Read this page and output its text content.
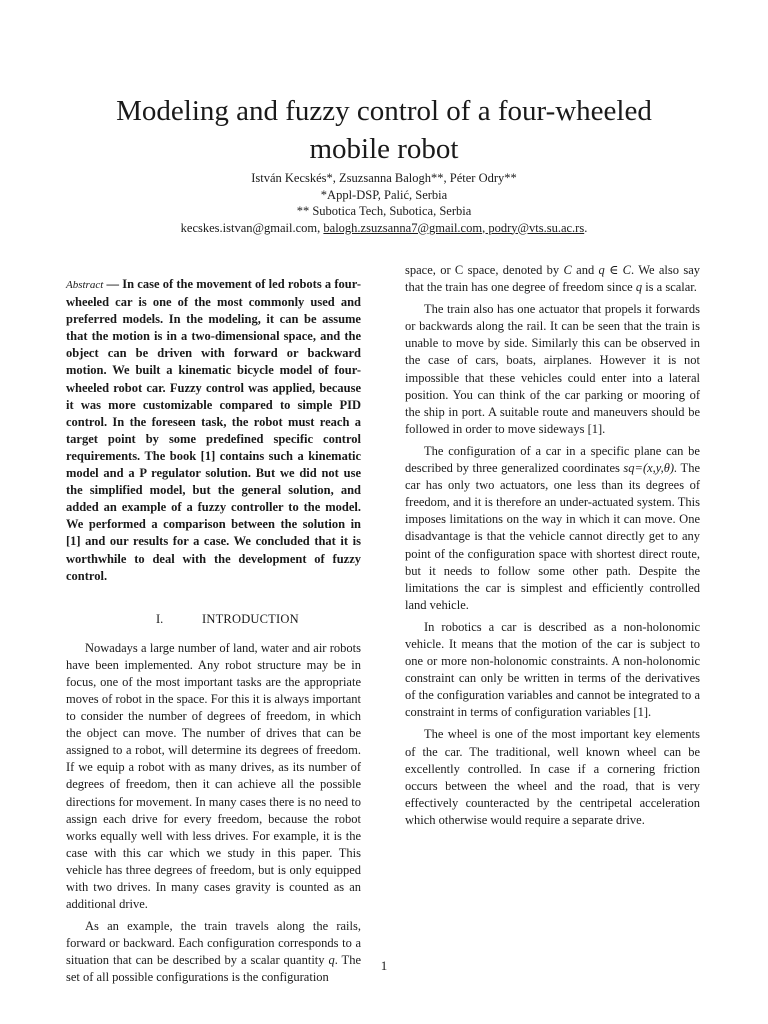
Modeling and fuzzy control of a four-wheeled
mobile robot
István Kecskés*, Zsuzsanna Balogh**, Péter Odry**
*Appl-DSP, Palić, Serbia
** Subotica Tech, Subotica, Serbia
kecskes.istvan@gmail.com, balogh.zsuzsanna7@gmail.com, podry@vts.su.ac.rs.

Abstract — In case of the movement of led robots a four-wheeled car is one of the most commonly used and preferred models. In the modeling, it can be assume that the motion is in a two-dimensional space, and the object can be driven with forward or backward motion. We built a kinematic bicycle model of four-wheeled robot car. Fuzzy control was applied, because it was more customizable compared to simple PID control. In the foreseen task, the robot must reach a target point by some predefined specific control requirements. The book [1] contains such a kinematic model and a P regulator solution. But we did not use the simplified model, but the general solution, and added an example of a fuzzy controller to the model. We performed a comparison between the solution in [1] and our results for a case. We concluded that it is worthwhile to deal with the development of fuzzy control.

I.	INTRODUCTION

Nowadays a large number of land, water and air robots have been implemented. Any robot structure may be in focus, one of the most important tasks are the appropriate moves of robot in the space. For this it is always important to consider the number of degrees of freedom, in which the object can move. The number of drives that can be assigned to a robot, will determine its degrees of freedom. If we equip a robot with as many drives, as its number of degrees of freedom, then it can achieve all the possible directions for movement. In many cases there is no need to assign each drive for every freedom, because the robot works equally well with less drives. For example, it is the case with this car which we study in this paper. This vehicle has three degrees of freedom, but is only equipped with two drives. In many cases gravity is counted as an additional drive.

As an example, the train travels along the rails, forward or backward. Each configuration corresponds to a situation that can be described by a scalar quantity q. The set of all possible configurations is the configuration

space, or C space, denoted by C and q ∈ C. We also say that the train has one degree of freedom since q is a scalar.

The train also has one actuator that propels it forwards or backwards along the rail. It can be seen that the train is unable to move by side. Similarly this can be observed in the case of cars, boats, airplanes. However it is not impossible that these vehicles could enter into a lateral position. You can think of the car parking or mooring of the ship in port. A suitable route and maneuvers should be followed in order to move sideways [1].

The configuration of a car in a specific plane can be described by three generalized coordinates sq=(x,y,θ). The car has only two actuators, one less than its degrees of freedom, and it is therefore an under-actuated system. This imposes limitations on the way in which it can move. One disadvantage is that the vehicle cannot directly get to any point of the configuration space with shortest direct route, but it needs to follow some other path. Despite the limitations the car is simplest and efficiently controlled land vehicle.

In robotics a car is described as a non-holonomic vehicle. It means that the motion of the car is subject to one or more non-holonomic constraints. A non-holonomic constraint can only be written in terms of the derivatives of the configuration variables and cannot be integrated to a constraint in terms of configuration variables [1].

The wheel is one of the most important key elements of the car. The traditional, well known wheel can be excellently controlled. In case if a cornering friction occurs between the wheel and the road, that is very effectively counteracted by the centripetal acceleration which otherwise would require a separate drive.

1
